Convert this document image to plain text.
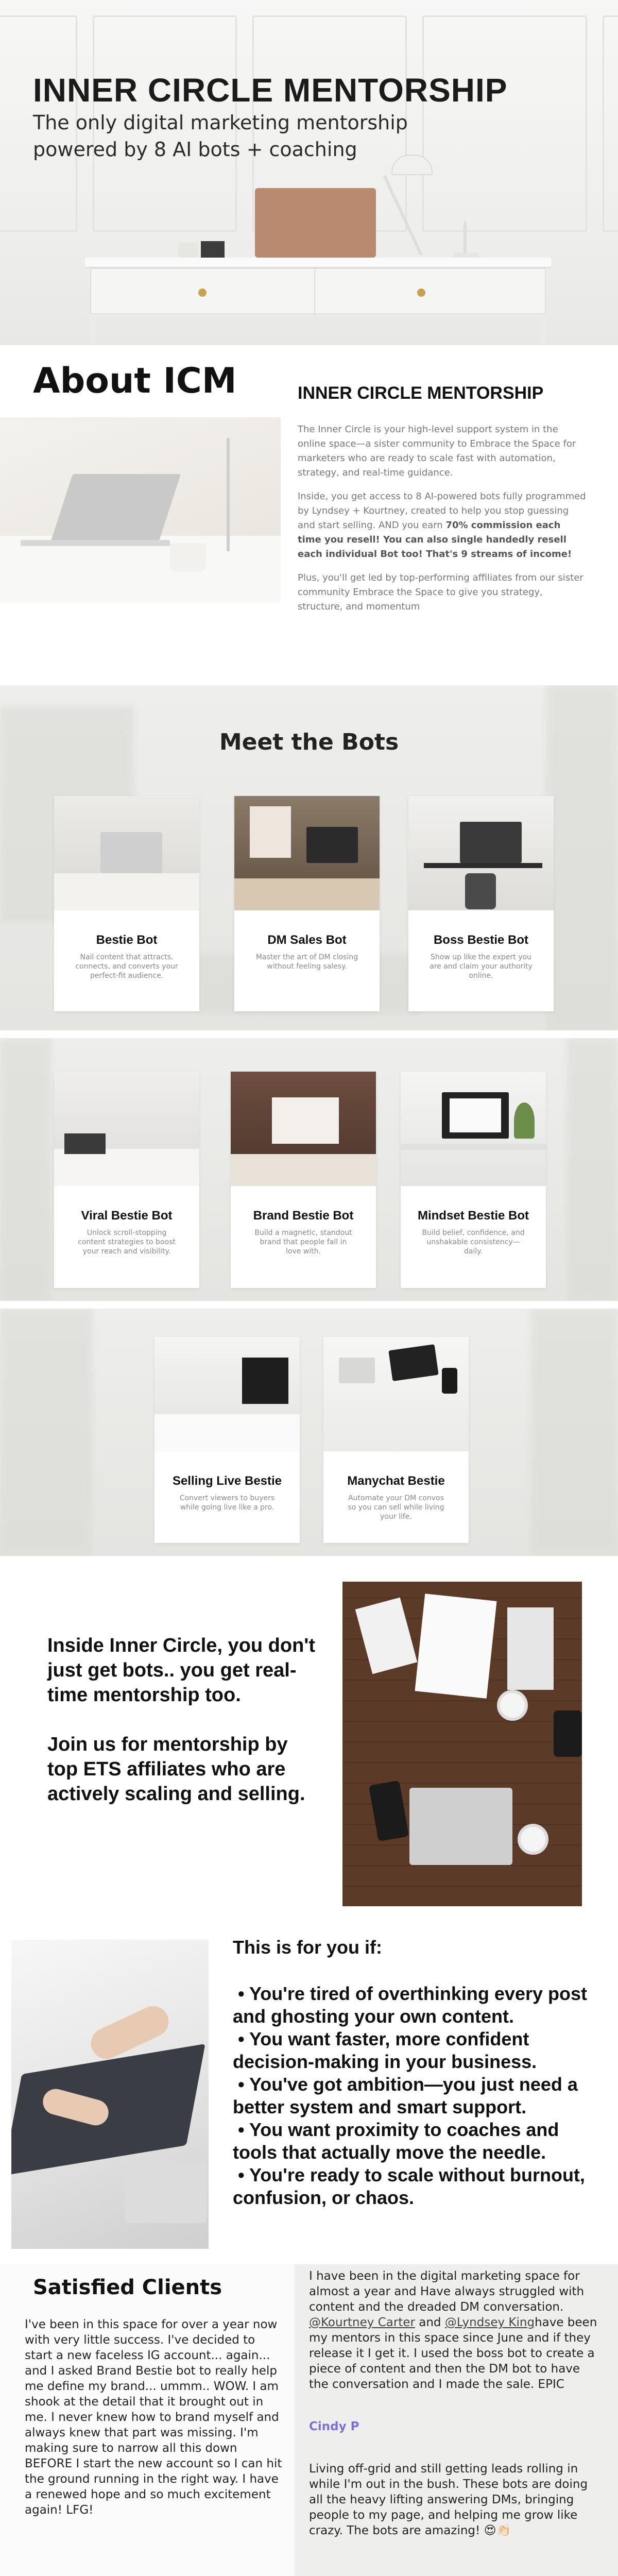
INNER CIRCLE MENTORSHIP
The only digital marketing mentorship powered by 8 AI bots + coaching
About ICM	INNER CIRCLE MENTORSHIP

The Inner Circle is your high-level support system in the online space—a sister community to Embrace the Space for marketers who are ready to scale fast with automation, strategy, and real-time guidance.

Inside, you get access to 8 AI-powered bots fully programmed by Lyndsey + Kourtney, created to help you stop guessing and start selling. AND you earn 70% commission each time you resell! You can also single handedly resell each individual Bot too! That's 9 streams of income!

Plus, you'll get led by top-performing affiliates from our sister community Embrace the Space to give you strategy, structure, and momentum

Meet the Bots
Bestie Bot
Nail content that attracts, connects, and converts your perfect-fit audience.
DM Sales Bot
Master the art of DM closing without feeling salesy.
Boss Bestie Bot
Show up like the expert you are and claim your authority online.
Viral Bestie Bot
Unlock scroll-stopping content strategies to boost your reach and visibility.
Brand Bestie Bot
Build a magnetic, standout brand that people fall in love with.
Mindset Bestie Bot
Build belief, confidence, and unshakable consistency—daily.
Selling Live Bestie
Convert viewers to buyers while going live like a pro.
Manychat Bestie
Automate your DM convos so you can sell while living your life.

Inside Inner Circle, you don't just get bots.. you get real-time mentorship too.

Join us for mentorship by top ETS affiliates who are actively scaling and selling.

This is for you if:
• You're tired of overthinking every post and ghosting your own content.
• You want faster, more confident decision-making in your business.
• You've got ambition—you just need a better system and smart support.
• You want proximity to coaches and tools that actually move the needle.
• You're ready to scale without burnout, confusion, or chaos.
Satisfied Clients
I've been in this space for over a year now with very little success. I've decided to start a new faceless IG account... again... and I asked Brand Bestie bot to really help me define my brand... ummm.. WOW. I am shook at the detail that it brought out in me. I never knew how to brand myself and always knew that part was missing. I'm making sure to narrow all this down BEFORE I start the new account so I can hit the ground running in the right way. I have a renewed hope and so much excitement again! LFG!
I have been in the digital marketing space for almost a year and Have always struggled with content and the dreaded DM conversation. @Kourtney Carter and @Lyndsey Kinghave been my mentors in this space since June and if they release it I get it. I used the boss bot to create a piece of content and then the DM bot to have the conversation and I made the sale. EPIC
Cindy P
Living off-grid and still getting leads rolling in while I'm out in the bush. These bots are doing all the heavy lifting answering DMs, bringing people to my page, and helping me grow like crazy. The bots are amazing! 😍👏🏻
